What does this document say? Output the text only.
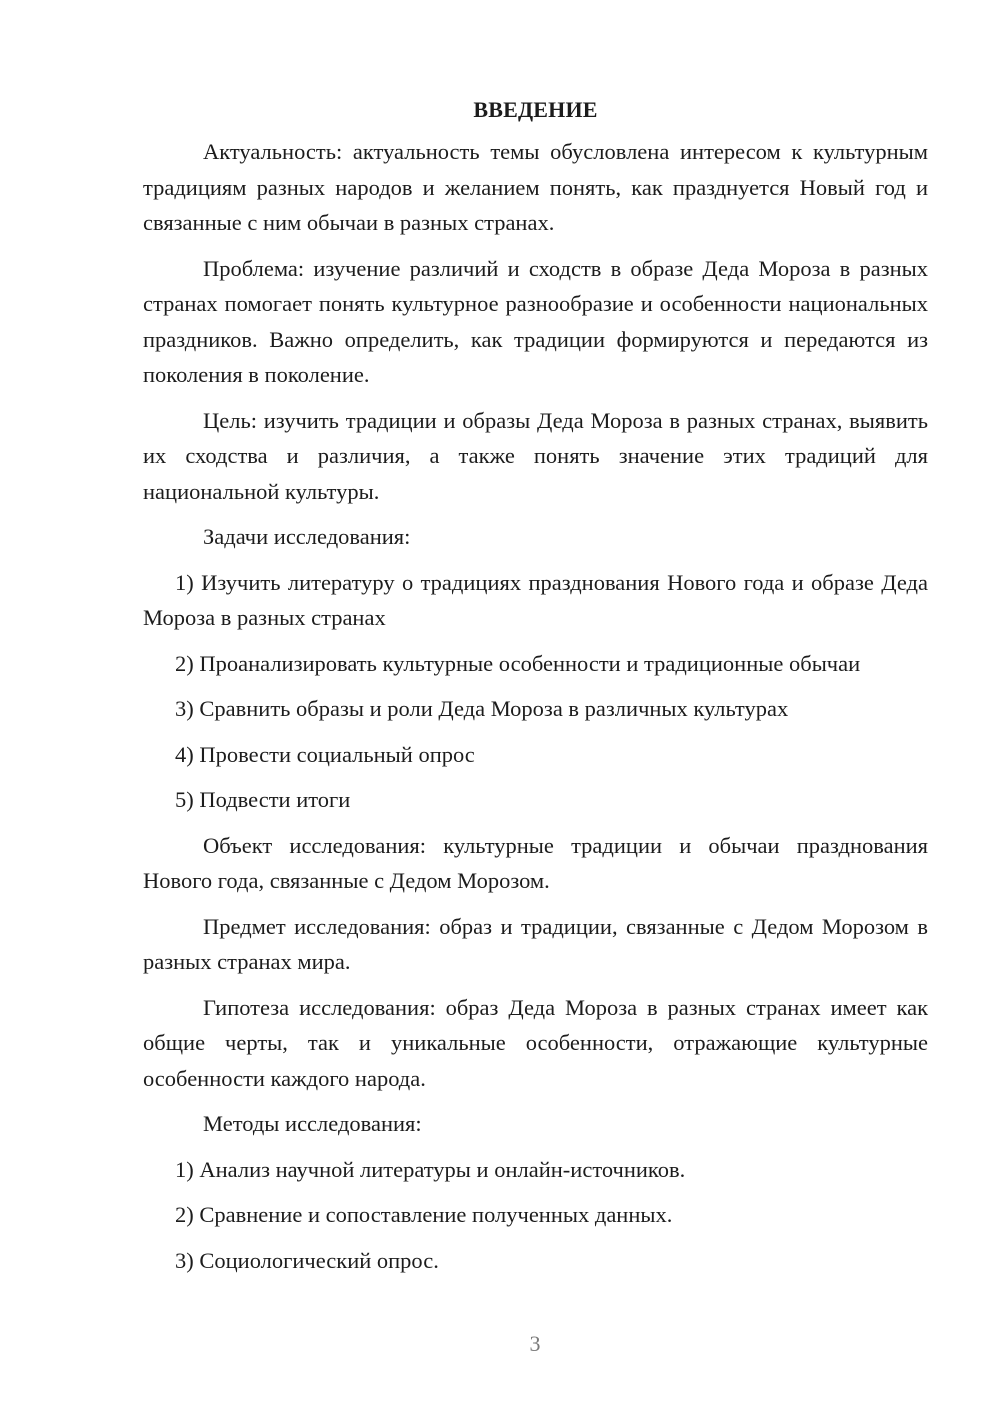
ВВЕДЕНИЕ

Актуальность: актуальность темы обусловлена интересом к культурным традициям разных народов и желанием понять, как празднуется Новый год и связанные с ним обычаи в разных странах.

Проблема: изучение различий и сходств в образе Деда Мороза в разных странах помогает понять культурное разнообразие и особенности национальных праздников. Важно определить, как традиции формируются и передаются из поколения в поколение.

Цель: изучить традиции и образы Деда Мороза в разных странах, выявить их сходства и различия, а также понять значение этих традиций для национальной культуры.

Задачи исследования:

1) Изучить литературу о традициях празднования Нового года и образе Деда Мороза в разных странах

2) Проанализировать культурные особенности и традиционные обычаи

3) Сравнить образы и роли Деда Мороза в различных культурах

4) Провести социальный опрос

5) Подвести итоги

Объект исследования: культурные традиции и обычаи празднования Нового года, связанные с Дедом Морозом.

Предмет исследования: образ и традиции, связанные с Дедом Морозом в разных странах мира.

Гипотеза исследования: образ Деда Мороза в разных странах имеет как общие черты, так и уникальные особенности, отражающие культурные особенности каждого народа.

Методы исследования:

1) Анализ научной литературы и онлайн-источников.

2) Сравнение и сопоставление полученных данных.

3) Социологический опрос.

3
